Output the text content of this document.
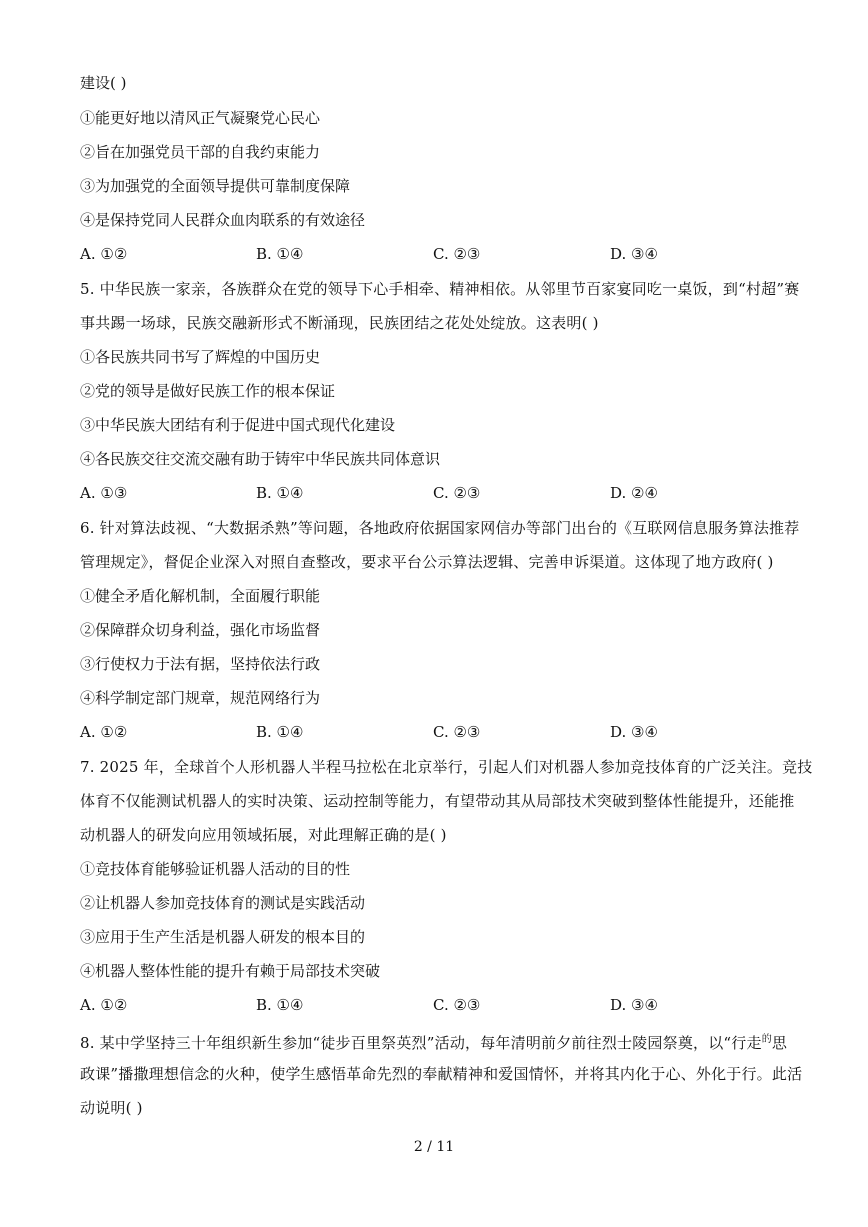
建设( )
①能更好地以清风正气凝聚党心民心
②旨在加强党员干部的自我约束能力
③为加强党的全面领导提供可靠制度保障
④是保持党同人民群众血肉联系的有效途径
A. ①②	B. ①④	C. ②③	D. ③④
5. 中华民族一家亲，各族群众在党的领导下心手相牵、精神相依。从邻里节百家宴同吃一桌饭，到“村超”赛
事共踢一场球，民族交融新形式不断涌现，民族团结之花处处绽放。这表明( )
①各民族共同书写了辉煌的中国历史
②党的领导是做好民族工作的根本保证
③中华民族大团结有利于促进中国式现代化建设
④各民族交往交流交融有助于铸牢中华民族共同体意识
A. ①③	B. ①④	C. ②③	D. ②④
6. 针对算法歧视、“大数据杀熟”等问题，各地政府依据国家网信办等部门出台的《互联网信息服务算法推荐
管理规定》，督促企业深入对照自查整改，要求平台公示算法逻辑、完善申诉渠道。这体现了地方政府( )
①健全矛盾化解机制，全面履行职能
②保障群众切身利益，强化市场监督
③行使权力于法有据，坚持依法行政
④科学制定部门规章，规范网络行为
A. ①②	B. ①④	C. ②③	D. ③④
7. 2025 年，全球首个人形机器人半程马拉松在北京举行，引起人们对机器人参加竞技体育的广泛关注。竞技
体育不仅能测试机器人的实时决策、运动控制等能力，有望带动其从局部技术突破到整体性能提升，还能推
动机器人的研发向应用领域拓展，对此理解正确的是( )
①竞技体育能够验证机器人活动的目的性
②让机器人参加竞技体育的测试是实践活动
③应用于生产生活是机器人研发的根本目的
④机器人整体性能的提升有赖于局部技术突破
A. ①②	B. ①④	C. ②③	D. ③④
8. 某中学坚持三十年组织新生参加“徒步百里祭英烈”活动，每年清明前夕前往烈士陵园祭奠，以“行走$^的$思
政课”播撒理想信念的火种，使学生感悟革命先烈的奉献精神和爱国情怀，并将其内化于心、外化于行。此活
动说明( )
2 / 11
